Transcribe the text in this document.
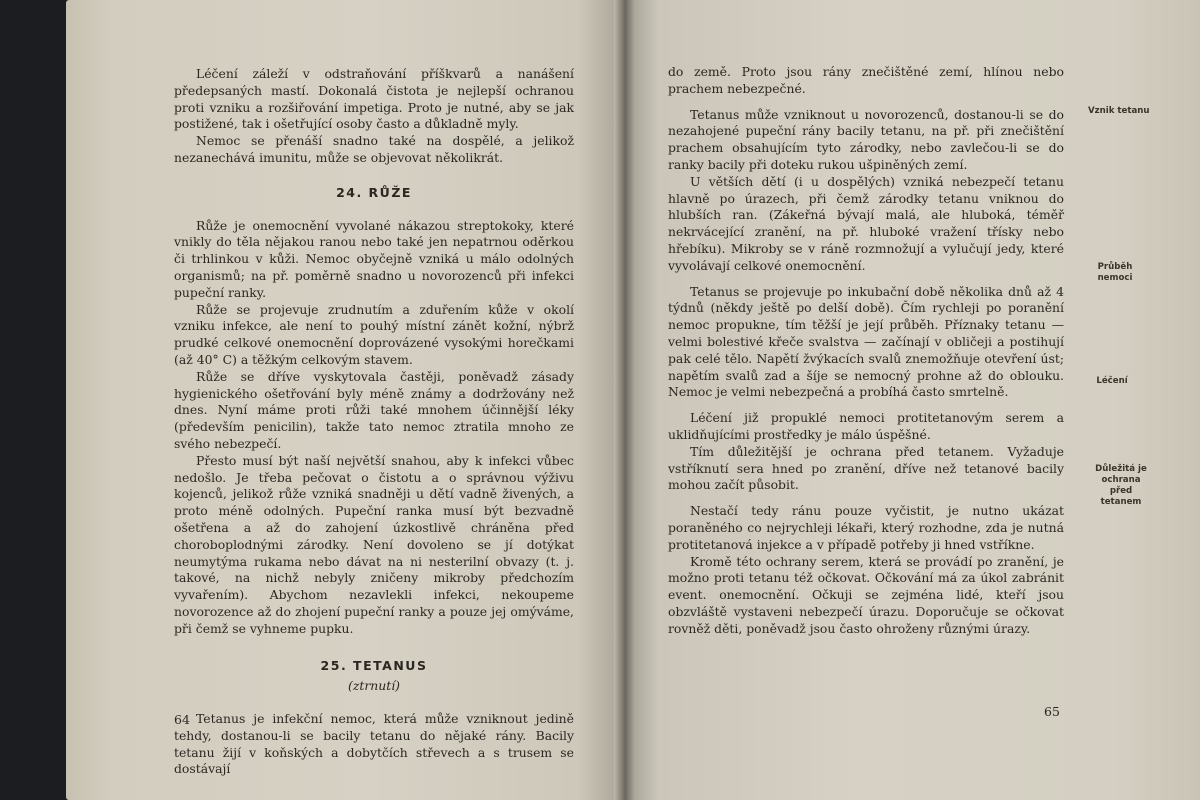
Léčení záleží v odstraňování příškvarů a nanášení předepsaných mastí. Dokonalá čistota je nejlepší ochranou proti vzniku a rozšiřování impetiga. Proto je nutné, aby se jak postižené, tak i ošetřující osoby často a důkladně myly.

Nemoc se přenáší snadno také na dospělé, a jelikož nezanechává imunitu, může se objevovat několikrát.

24. RŮŽE

Růže je onemocnění vyvolané nákazou streptokoky, které vnikly do těla nějakou ranou nebo také jen nepatrnou oděrkou či trhlinkou v kůži. Nemoc obyčejně vzniká u málo odolných organismů; na př. poměrně snadno u novorozenců při infekci pupeční ranky.

Růže se projevuje zrudnutím a zduřením kůže v okolí vzniku infekce, ale není to pouhý místní zánět kožní, nýbrž prudké celkové onemocnění doprovázené vysokými horečkami (až 40° C) a těžkým celkovým stavem.

Růže se dříve vyskytovala častěji, poněvadž zásady hygienického ošetřování byly méně známy a dodržovány než dnes. Nyní máme proti růži také mnohem účinnější léky (především penicilin), takže tato nemoc ztratila mnoho ze svého nebezpečí.

Přesto musí být naší největší snahou, aby k infekci vůbec nedošlo. Je třeba pečovat o čistotu a o správnou výživu kojenců, jelikož růže vzniká snadněji u dětí vadně živených, a proto méně odolných. Pupeční ranka musí být bezvadně ošetřena a až do zahojení úzkostlivě chráněna před choroboplodnými zárodky. Není dovoleno se jí dotýkat neumytýma rukama nebo dávat na ni nesterilní obvazy (t. j. takové, na nichž nebyly zničeny mikroby předchozím vyvařením). Abychom nezavlekli infekci, nekoupeme novorozence až do zhojení pupeční ranky a pouze jej omýváme, při čemž se vyhneme pupku.

25. TETANUS
(ztrnutí)

Tetanus je infekční nemoc, která může vzniknout jedině tehdy, dostanou-li se bacily tetanu do nějaké rány. Bacily tetanu žijí v koňských a dobytčích střevech a s trusem se dostávají

64

do země. Proto jsou rány znečištěné zemí, hlínou nebo prachem nebezpečné.

Tetanus může vzniknout u novorozenců, dostanou-li se do nezahojené pupeční rány bacily tetanu, na př. při znečištění prachem obsahujícím tyto zárodky, nebo zavlečou-li se do ranky bacily při doteku rukou ušpiněných zemí.

U větších dětí (i u dospělých) vzniká nebezpečí tetanu hlavně po úrazech, při čemž zárodky tetanu vniknou do hlubších ran. (Zákeřná bývají malá, ale hluboká, téměř nekrvácející zranění, na př. hluboké vražení třísky nebo hřebíku). Mikroby se v ráně rozmnožují a vylučují jedy, které vyvolávají celkové onemocnění.

Tetanus se projevuje po inkubační době několika dnů až 4 týdnů (někdy ještě po delší době). Čím rychleji po poranění nemoc propukne, tím těžší je její průběh. Příznaky tetanu — velmi bolestivé křeče svalstva — začínají v obličeji a postihují pak celé tělo. Napětí žvýkacích svalů znemožňuje otevření úst; napětím svalů zad a šíje se nemocný prohne až do oblouku. Nemoc je velmi nebezpečná a probíhá často smrtelně.

Léčení již propuklé nemoci protitetanovým serem a uklidňujícími prostředky je málo úspěšné.

Tím důležitější je ochrana před tetanem. Vyžaduje vstříknutí sera hned po zranění, dříve než tetanové bacily mohou začít působit.

Nestačí tedy ránu pouze vyčistit, je nutno ukázat poraněného co nejrychleji lékaři, který rozhodne, zda je nutná protitetanová injekce a v případě potřeby ji hned vstříkne.

Kromě této ochrany serem, která se provádí po zranění, je možno proti tetanu též očkovat. Očkování má za úkol zabránit event. onemocnění. Očkuji se zejména lidé, kteří jsou obzvláště vystaveni nebezpečí úrazu. Doporučuje se očkovat rovněž děti, poněvadž jsou často ohroženy různými úrazy.

Vznik tetanu
Průběh nemoci
Léčení
Důležitá je ochrana před tetanem
65
